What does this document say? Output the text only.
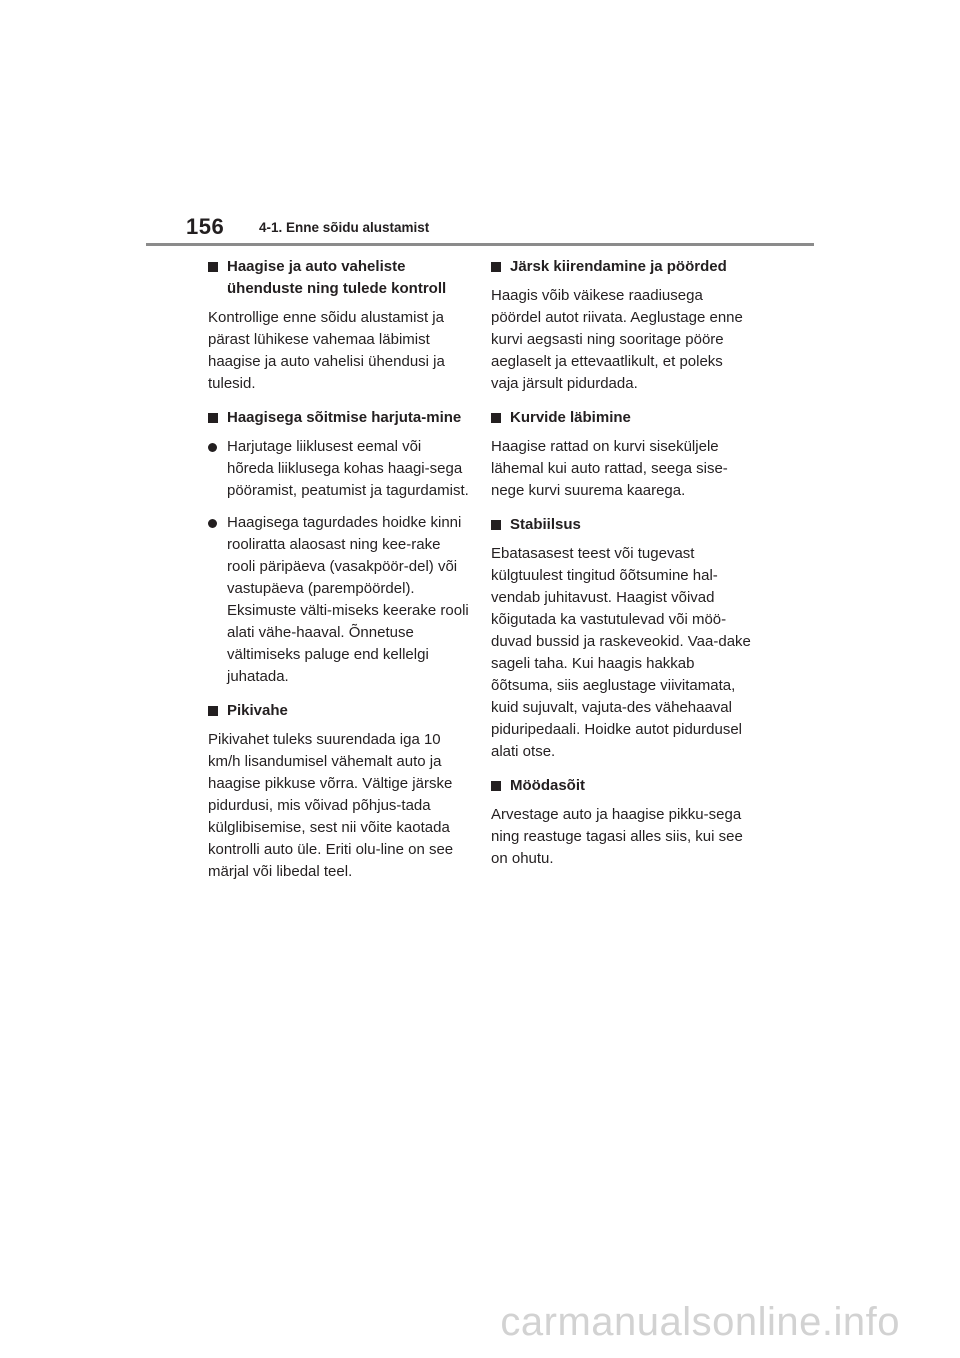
156	4-1. Enne sõidu alustamist
Haagise ja auto vaheliste ühenduste ning tulede kontroll
Kontrollige enne sõidu alustamist ja pärast lühikese vahemaa läbimist haagise ja auto vahelisi ühendusi ja tulesid.
Haagisega sõitmise harjuta-mine
Harjutage liiklusest eemal või hõreda liiklusega kohas haagi-sega pööramist, peatumist ja tagurdamist.
Haagisega tagurdades hoidke kinni rooliratta alaosast ning kee-rake rooli päripäeva (vasakpöör-del) või vastupäeva (parempöördel). Eksimuste välti-miseks keerake rooli alati vähe-haaval. Õnnetuse vältimiseks paluge end kellelgi juhatada.
Pikivahe
Pikivahet tuleks suurendada iga 10 km/h lisandumisel vähemalt auto ja haagise pikkuse võrra. Vältige järske pidurdusi, mis võivad põhjus-tada külglibisemise, sest nii võite kaotada kontrolli auto üle. Eriti olu-line on see märjal või libedal teel.
Järsk kiirendamine ja pöörded
Haagis võib väikese raadiusega pöördel autot riivata. Aeglustage enne kurvi aegsasti ning sooritage pööre aeglaselt ja ettevaatlikult, et poleks vaja järsult pidurdada.
Kurvide läbimine
Haagise rattad on kurvi siseküljele lähemal kui auto rattad, seega sise-nege kurvi suurema kaarega.
Stabiilsus
Ebatasasest teest või tugevast külgtuulest tingitud õõtsumine hal-vendab juhitavust. Haagist võivad kõigutada ka vastutulevad või möö-duvad bussid ja raskeveokid. Vaa-dake sageli taha. Kui haagis hakkab õõtsuma, siis aeglustage viivitamata, kuid sujuvalt, vajuta-des vähehaaval piduripedaali. Hoidke autot pidurdusel alati otse.
Möödasõit
Arvestage auto ja haagise pikku-sega ning reastuge tagasi alles siis, kui see on ohutu.
carmanualsonline.info
